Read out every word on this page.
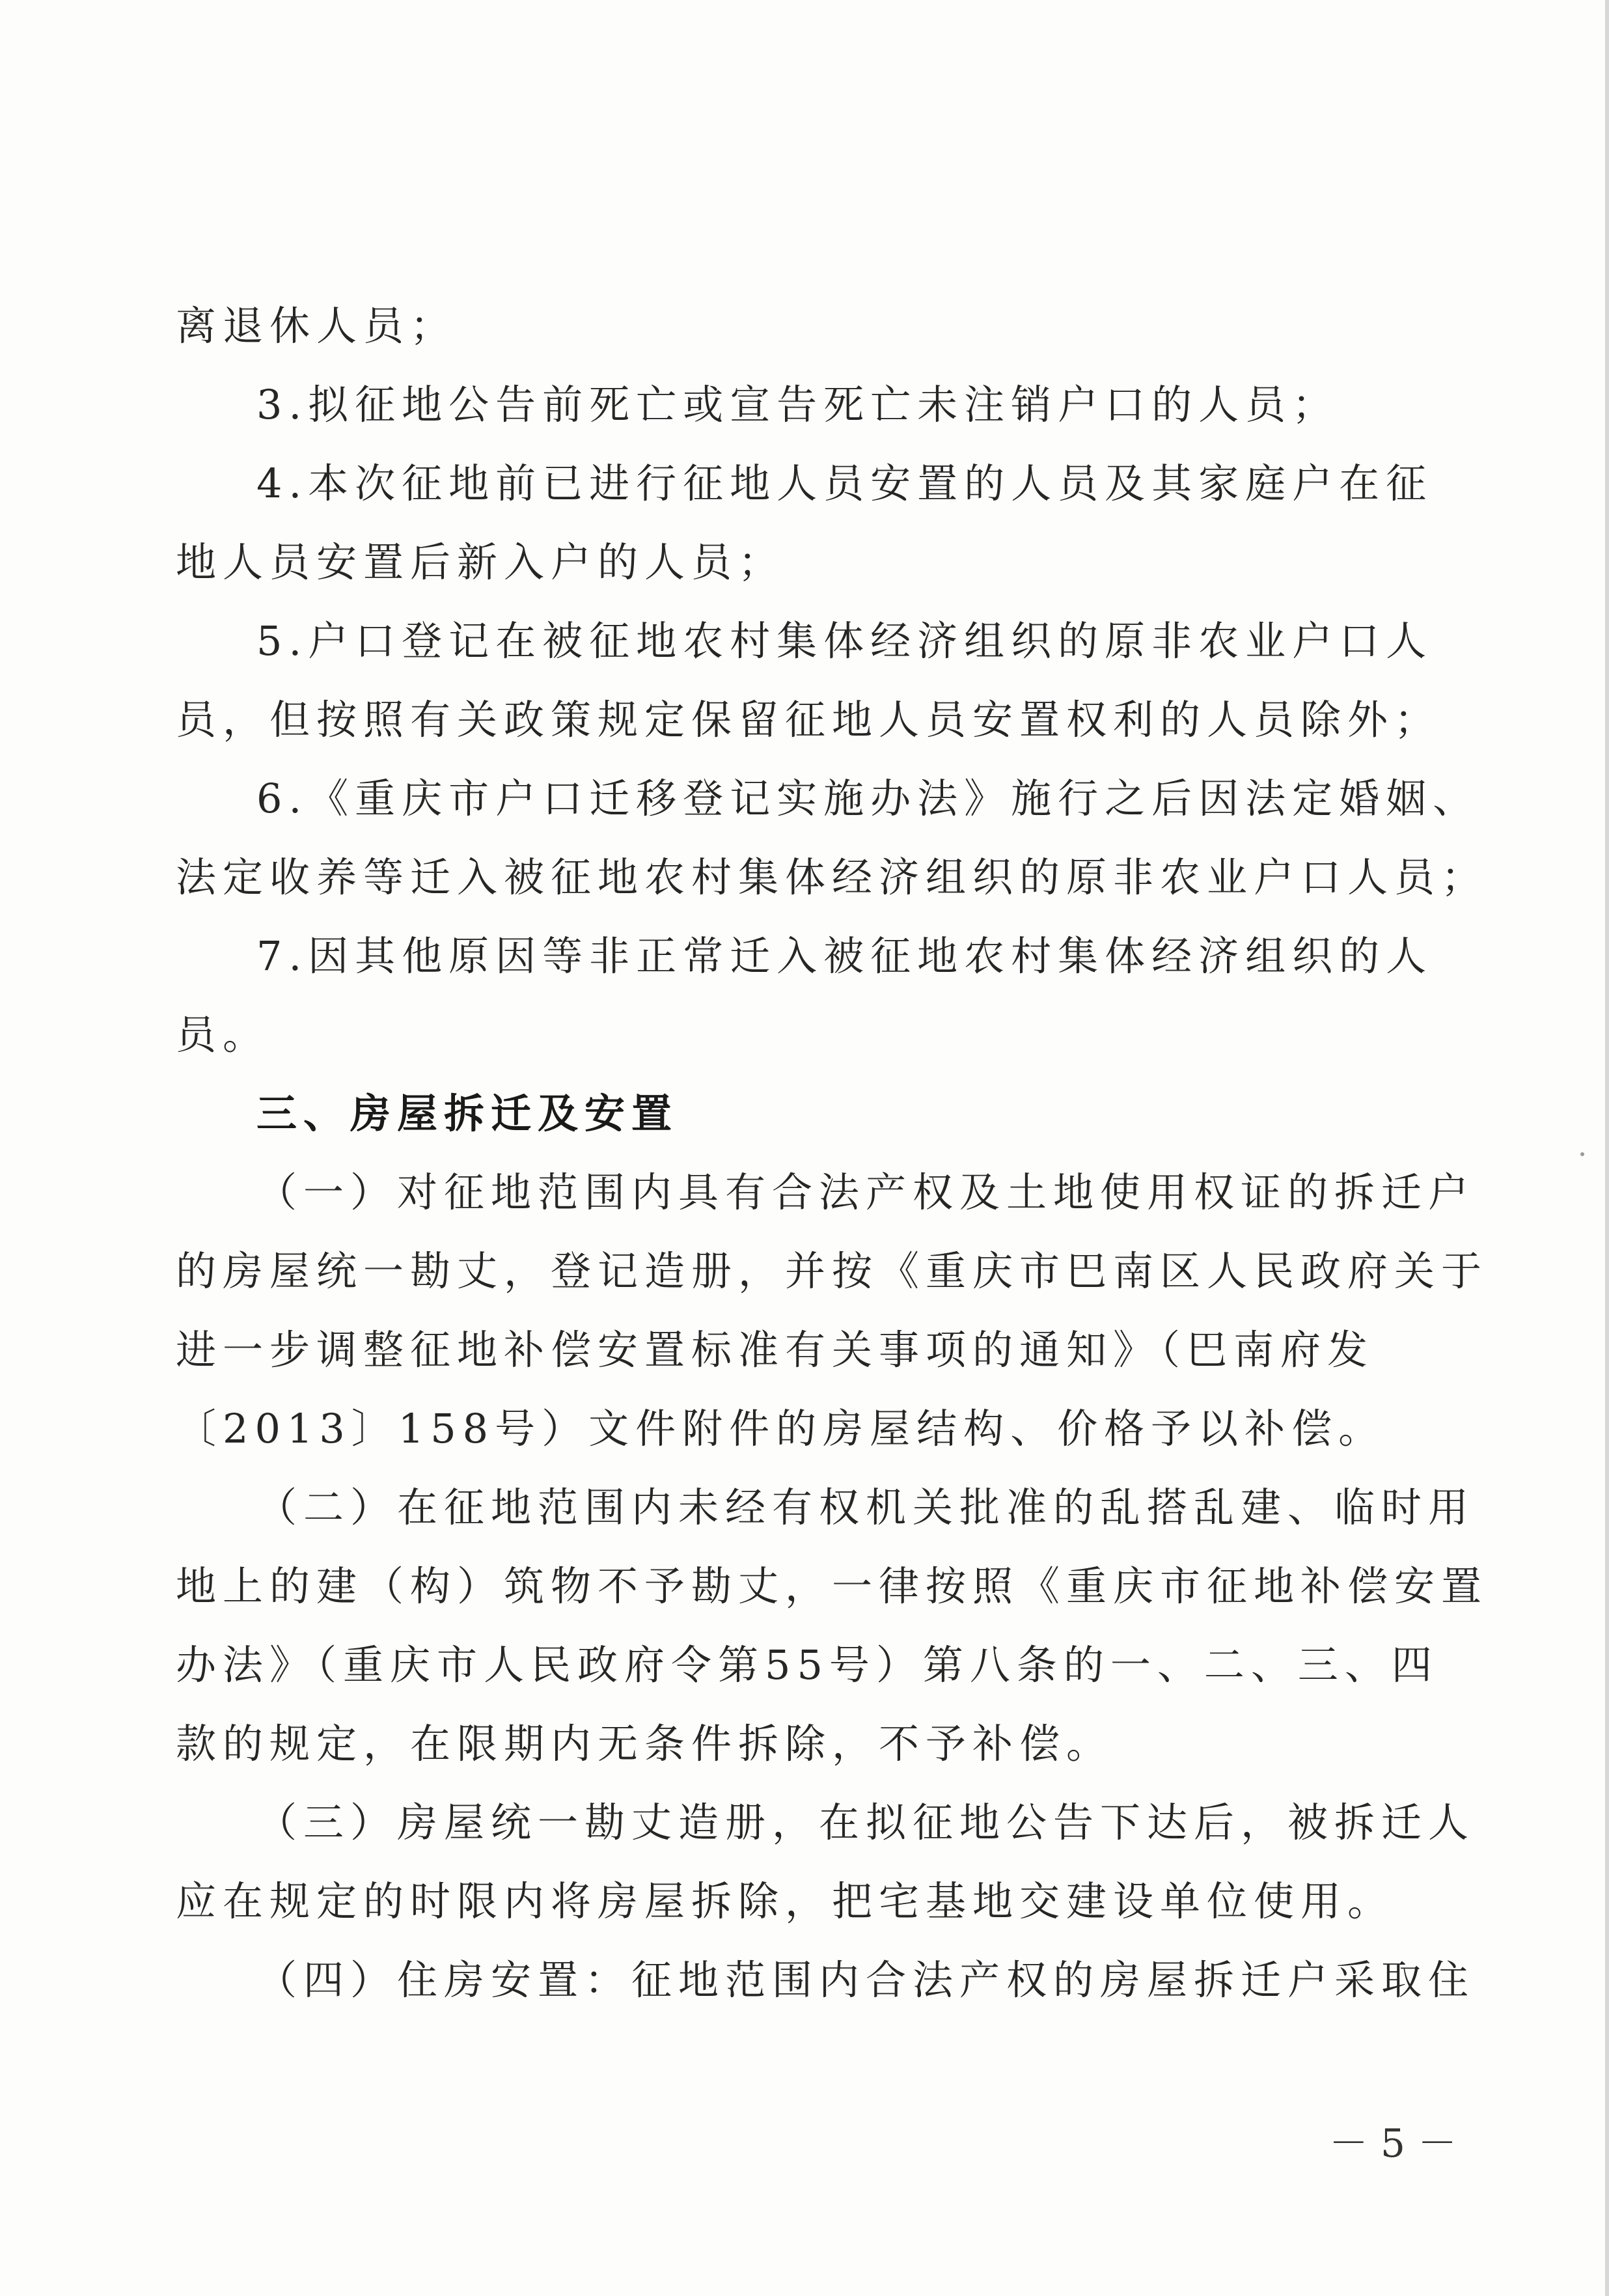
离退休人员；
3.拟征地公告前死亡或宣告死亡未注销户口的人员；
4.本次征地前已进行征地人员安置的人员及其家庭户在征
地人员安置后新入户的人员；
5.户口登记在被征地农村集体经济组织的原非农业户口人
员，但按照有关政策规定保留征地人员安置权利的人员除外；
6.《重庆市户口迁移登记实施办法》施行之后因法定婚姻、
法定收养等迁入被征地农村集体经济组织的原非农业户口人员；
7.因其他原因等非正常迁入被征地农村集体经济组织的人
员。
三、房屋拆迁及安置
（一）对征地范围内具有合法产权及土地使用权证的拆迁户
的房屋统一勘丈，登记造册，并按《重庆市巴南区人民政府关于
进一步调整征地补偿安置标准有关事项的通知》（巴南府发
〔2013〕158号）文件附件的房屋结构、价格予以补偿。
（二）在征地范围内未经有权机关批准的乱搭乱建、临时用
地上的建（构）筑物不予勘丈，一律按照《重庆市征地补偿安置
办法》（重庆市人民政府令第55号）第八条的一、二、三、四
款的规定，在限期内无条件拆除，不予补偿。
（三）房屋统一勘丈造册，在拟征地公告下达后，被拆迁人
应在规定的时限内将房屋拆除，把宅基地交建设单位使用。
（四）住房安置：征地范围内合法产权的房屋拆迁户采取住
－ 5 －
